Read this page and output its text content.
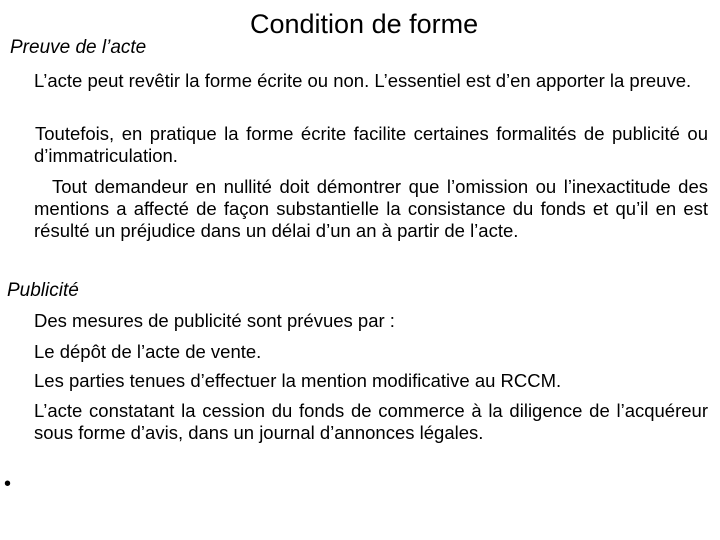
Condition de forme
Preuve de l’acte

L’acte peut revêtir la forme écrite ou non. L’essentiel est d’en apporter la preuve.

Toutefois, en pratique la forme écrite facilite certaines formalités de publicité ou d’immatriculation.

Tout demandeur en nullité doit démontrer que l’omission ou l’inexactitude des mentions a affecté de façon substantielle la consistance du fonds et qu’il en est résulté un préjudice dans un délai d’un an à partir de l’acte.

Publicité

Des mesures de publicité sont prévues par :

Le dépôt de l’acte de vente.

Les parties tenues d’effectuer la mention modificative au RCCM.

L’acte constatant la cession du fonds de commerce à la diligence de l’acquéreur sous forme d’avis, dans un journal d’annonces légales.

•
